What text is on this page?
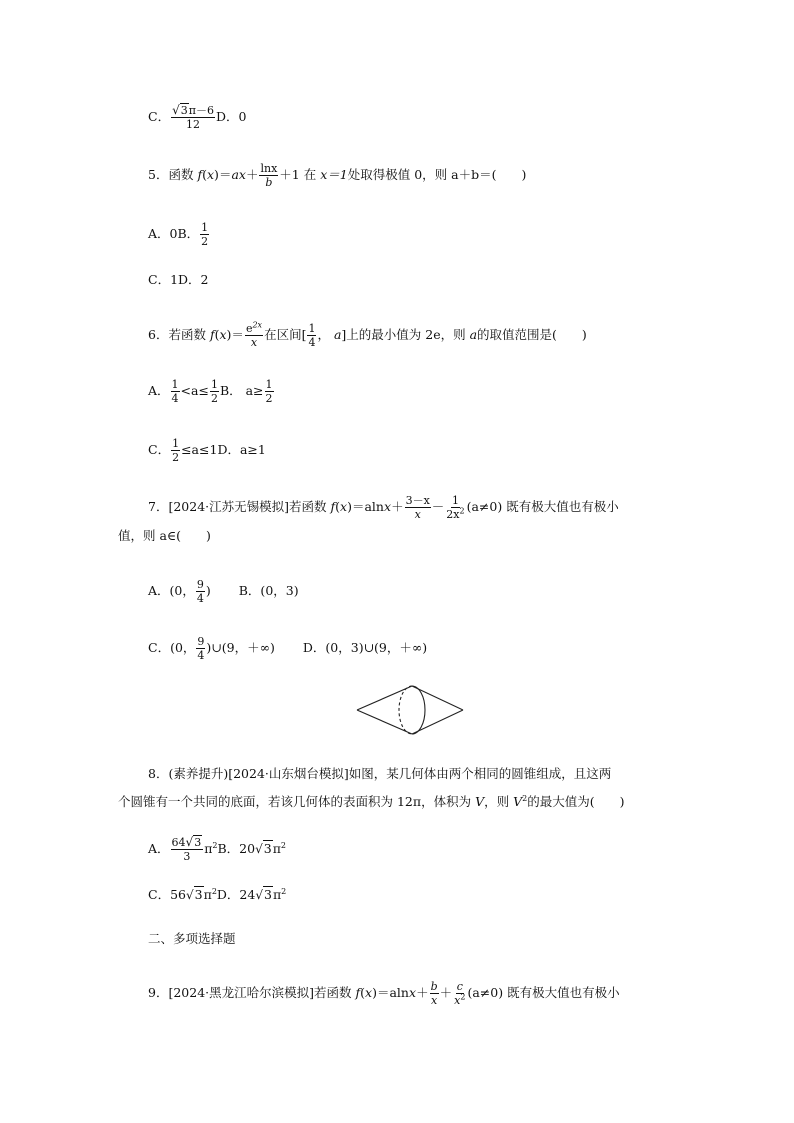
C． $\frac{√3\pi-6}{12}$ D．0
5．函数 $f(x)=ax+ \frac{\ln x}{b} +1$ 在 x＝1处取得极值 0，则 a＋b＝(　　)
A．0B． $\frac{1}{2}$
C．1D．2
6．若函数 $f(x)= \frac{e^{2x}}{x}$ 在区间[ $\frac{1}{4}$ ， a]上的最小值为 2e，则 a的取值范围是(　　)
A． $\frac{1}{4} <a\le \frac{1}{2}$ B． $a\ge \frac{1}{2}$
C． $\frac{1}{2} \le a\le 1D$．a≥1
7．[2024·江苏无锡模拟]若函数 $f(x)=alnx+ \frac{3-x}{x} - \frac{1}{2x^2} (a\ne 0)$ 既有极大值也有极小
值，则 a∈(　　)
A．(0， $\frac{9}{4}$ ) B．(0，3)
C．(0， $\frac{9}{4}$ )∪(9，＋∞) D．(0，3)∪(9，＋∞)
8．(素养提升)[2024·山东烟台模拟]如图，某几何体由两个相同的圆锥组成，且这两
个圆锥有一个共同的底面，若该几何体的表面积为 12π，体积为 V，则 $V^2$的最大值为(　　)
A． $\frac{64√3}{3} \pi^2B$．$20√3\pi^2$
C．$56√3\pi^2D$．$24√3\pi^2$
二、多项选择题
9．[2024·黑龙江哈尔滨模拟]若函数 $f(x)=alnx+ \frac{b}{x} + \frac{c}{x^2} (a\ne 0)$ 既有极大值也有极小
